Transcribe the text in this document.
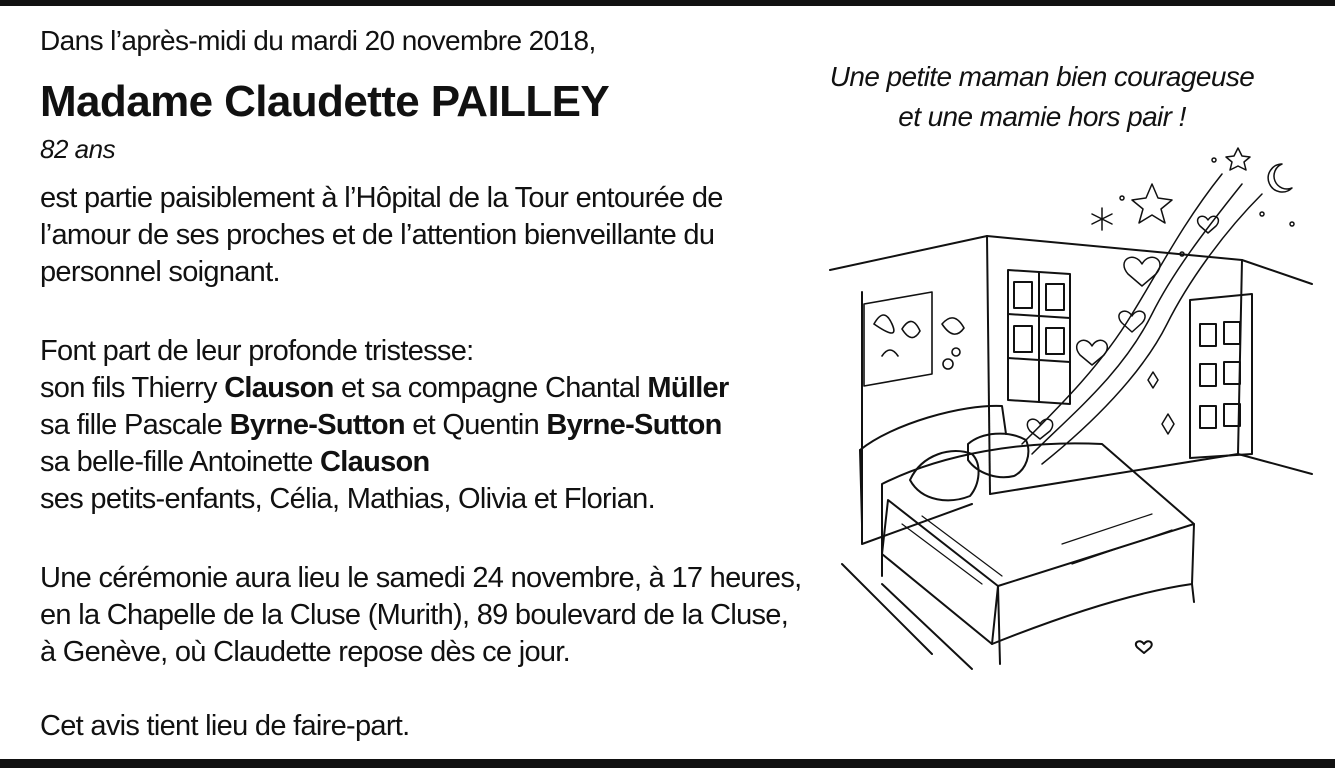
Dans l’après-midi du mardi 20 novembre 2018,
Madame Claudette PAILLEY
82 ans
est partie paisiblement à l’Hôpital de la Tour entourée de
l’amour de ses proches et de l’attention bienveillante du
personnel soignant.
Font part de leur profonde tristesse:
son fils Thierry Clauson et sa compagne Chantal Müller
sa fille Pascale Byrne-Sutton et Quentin Byrne-Sutton
sa belle-fille Antoinette Clauson
ses petits-enfants, Célia, Mathias, Olivia et Florian.
Une cérémonie aura lieu le samedi 24 novembre, à 17 heures,
en la Chapelle de la Cluse (Murith), 89 boulevard de la Cluse,
à Genève, où Claudette repose dès ce jour.
Cet avis tient lieu de faire-part.
Une petite maman bien courageuse
et une mamie hors pair !
